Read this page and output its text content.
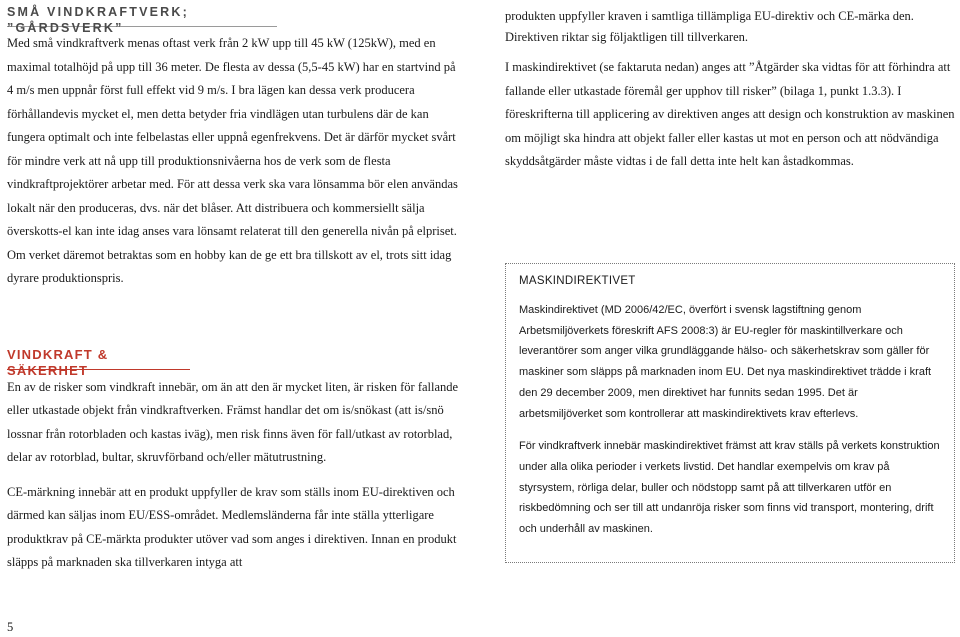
SMÅ VINDKRAFTVERK; ”GÅRDSVERK”

Med små vindkraftverk menas oftast verk från 2 kW upp till 45 kW (125kW), med en maximal totalhöjd på upp till 36 meter. De flesta av dessa (5,5-45 kW) har en startvind på 4 m/s men uppnår först full effekt vid 9 m/s. I bra lägen kan dessa verk producera förhållandevis mycket el, men detta betyder fria vindlägen utan turbulens där de kan fungera optimalt och inte felbelastas eller uppnå egenfrekvens. Det är därför mycket svårt för mindre verk att nå upp till produktionsnivåerna hos de verk som de flesta vindkraftprojektörer arbetar med. För att dessa verk ska vara lönsamma bör elen användas lokalt när den produceras, dvs. när det blåser. Att distribuera och kommersiellt sälja överskotts-el kan inte idag anses vara lönsamt relaterat till den generella nivån på elpriset. Om verket däremot betraktas som en hobby kan de ge ett bra tillskott av el, trots sitt idag dyrare produktionspris.

VINDKRAFT & SÄKERHET

En av de risker som vindkraft innebär, om än att den är mycket liten, är risken för fallande eller utkastade objekt från vindkraftverken. Främst handlar det om is/snökast (att is/snö lossnar från rotorbladen och kastas iväg), men risk finns även för fall/utkast av rotorblad, delar av rotorblad, bultar, skruvförband och/eller mätutrustning.

CE-märkning innebär att en produkt uppfyller de krav som ställs inom EU-direktiven och därmed kan säljas inom EU/ESS-området. Medlemsländerna får inte ställa ytterligare produktkrav på CE-märkta produkter utöver vad som anges i direktiven. Innan en produkt släpps på marknaden ska tillverkaren intyga att

produkten uppfyller kraven i samtliga tillämpliga EU-direktiv och CE-märka den. Direktiven riktar sig följaktligen till tillverkaren.

I maskindirektivet (se faktaruta nedan) anges att ”Åtgärder ska vidtas för att förhindra att fallande eller utkastade föremål ger upphov till risker” (bilaga 1, punkt 1.3.3). I föreskrifterna till applicering av direktiven anges att design och konstruktion av maskinen om möjligt ska hindra att objekt faller eller kastas ut mot en person och att nödvändiga skyddsåtgärder måste vidtas i de fall detta inte helt kan åstadkommas.

MASKINDIREKTIVET

Maskindirektivet (MD 2006/42/EC, överfört i svensk lagstiftning genom Arbetsmiljöverkets föreskrift AFS 2008:3) är EU-regler för maskintillverkare och leverantörer som anger vilka grundläggande hälso- och säkerhetskrav som gäller för maskiner som släpps på marknaden inom EU. Det nya maskindirektivet trädde i kraft den 29 december 2009, men direktivet har funnits sedan 1995. Det är arbetsmiljöverket som kontrollerar att maskindirektivets krav efterlevs.

För vindkraftverk innebär maskindirektivet främst att krav ställs på verkets konstruktion under alla olika perioder i verkets livstid. Det handlar exempelvis om krav på styrsystem, rörliga delar, buller och nödstopp samt på att tillverkaren utför en riskbedömning och ser till att undanröja risker som finns vid transport, montering, drift och underhåll av maskinen.

5
